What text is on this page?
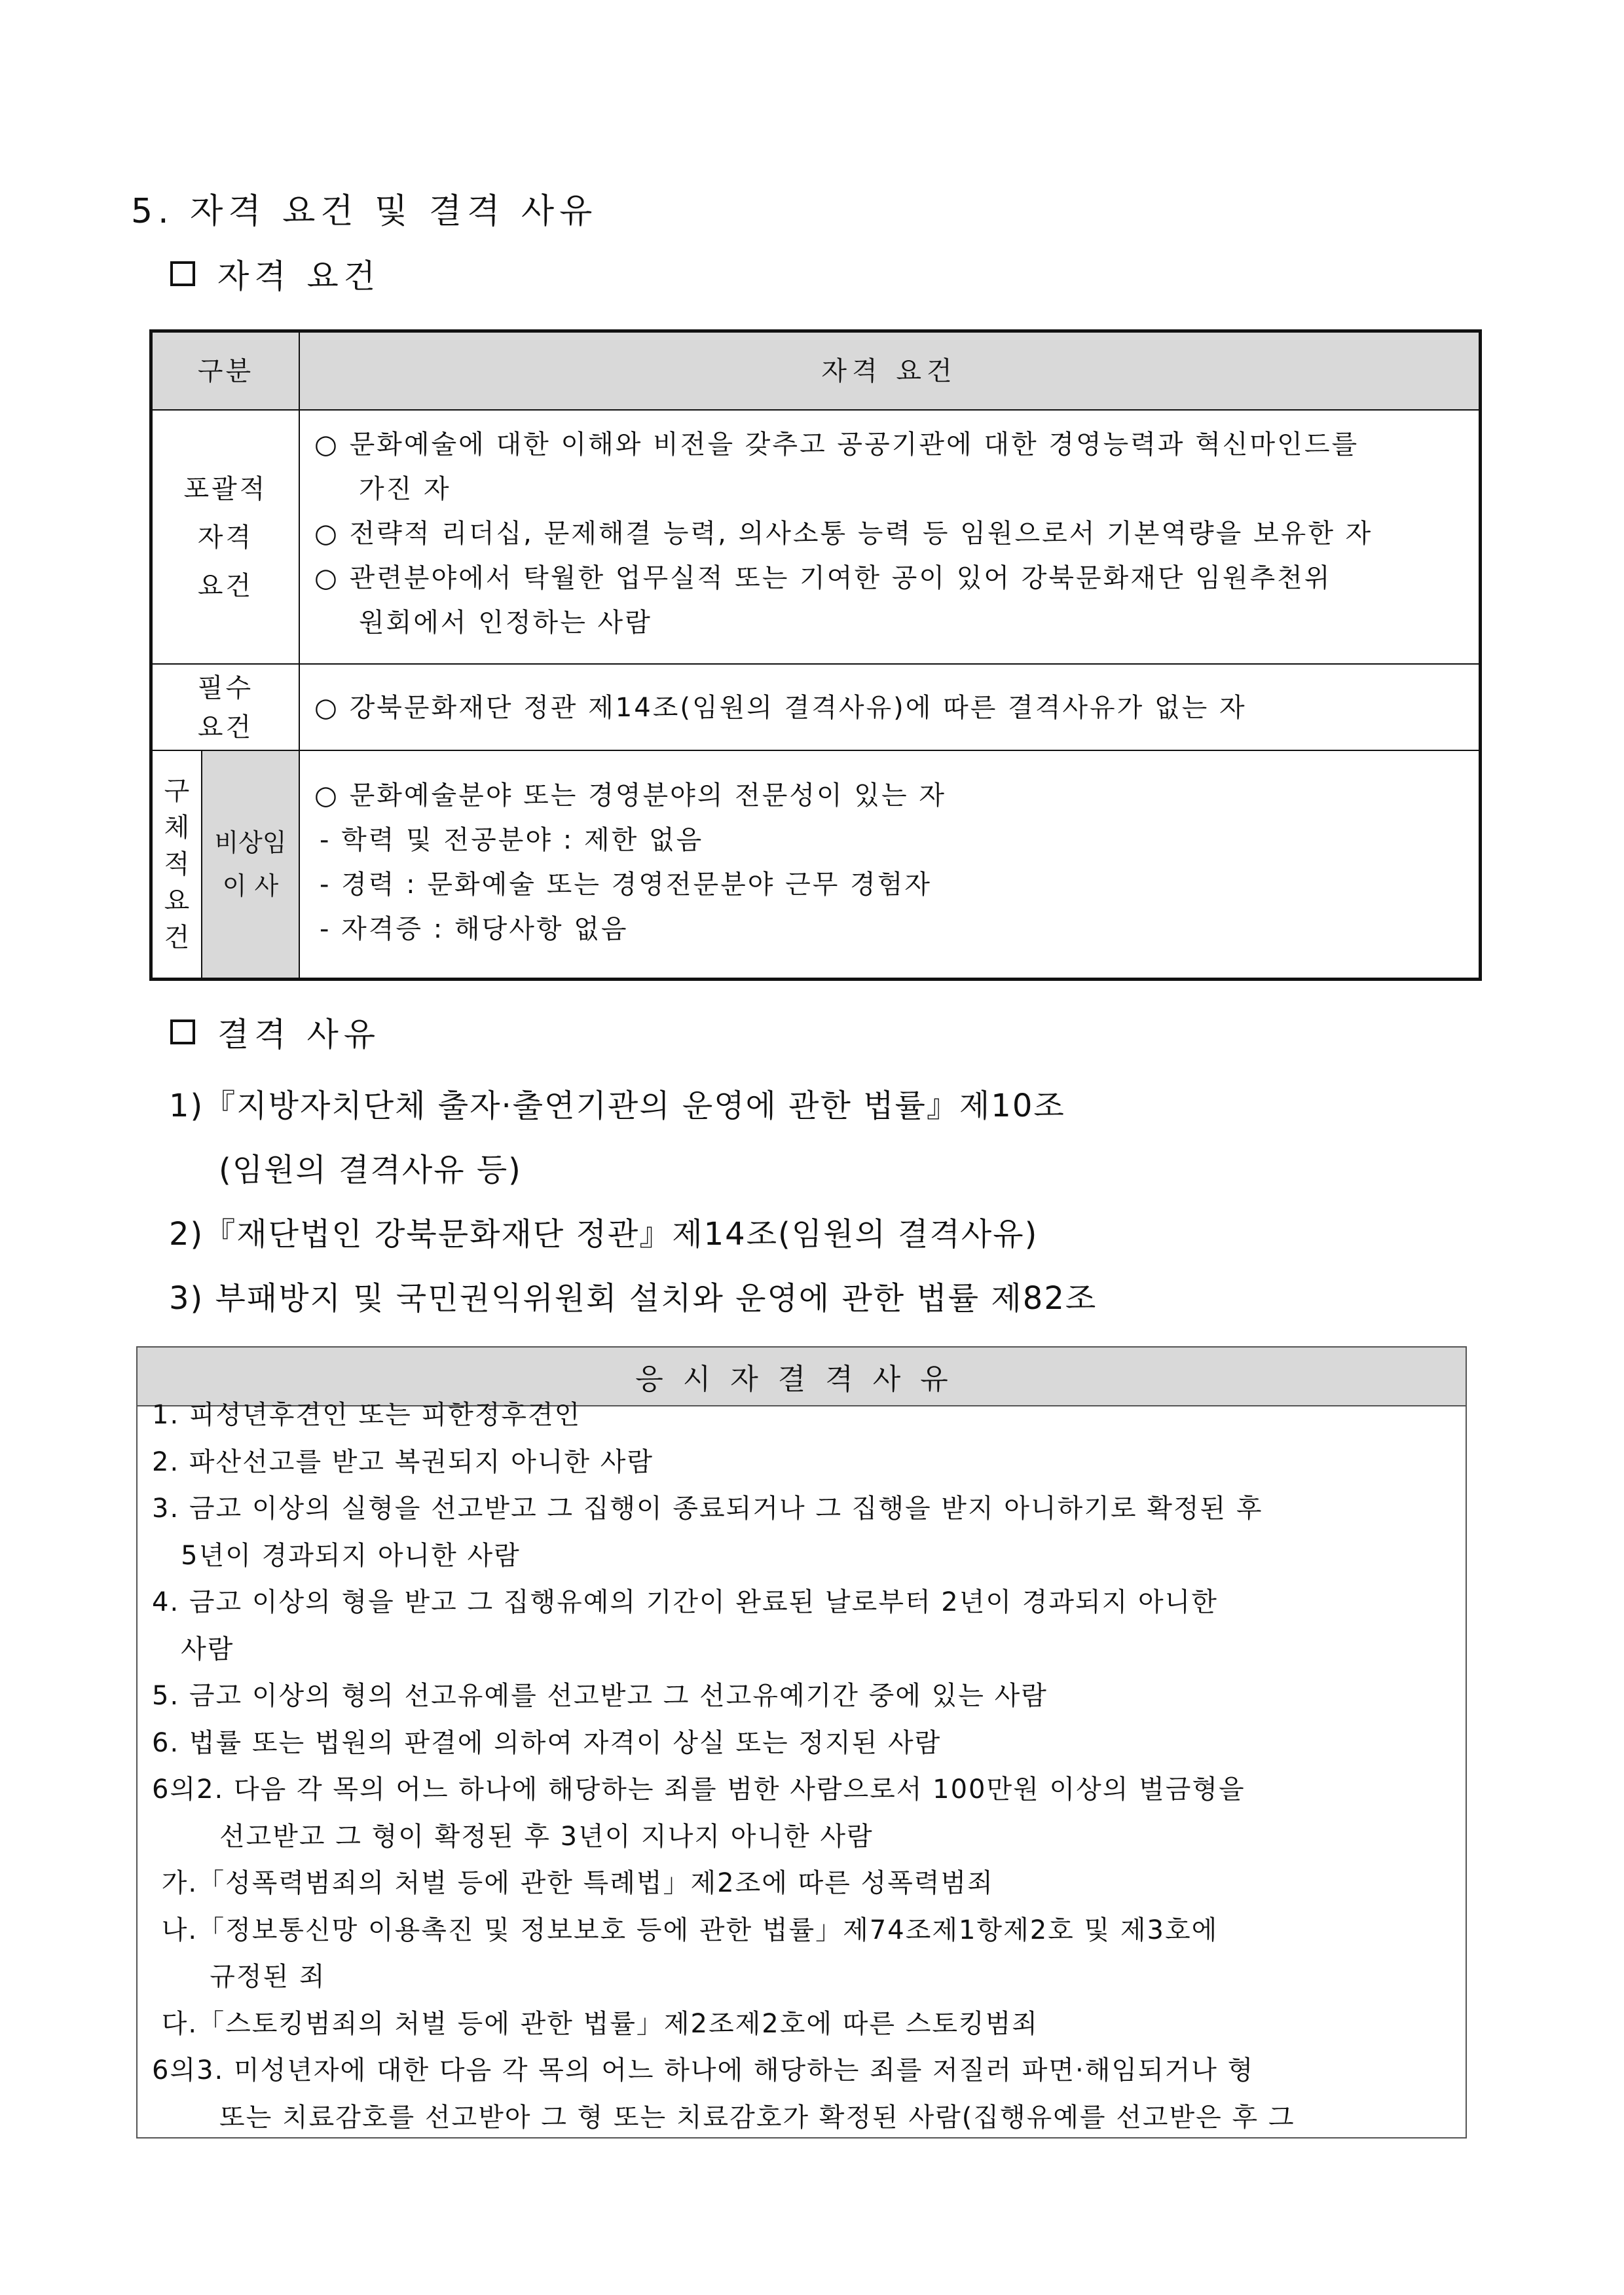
5. 자격 요건 및 결격 사유
자격 요건
구분	자격 요건
포괄적
자격
요건
○ 문화예술에 대한 이해와 비전을 갖추고 공공기관에 대한 경영능력과 혁신마인드를
가진 자
○ 전략적 리더십, 문제해결 능력, 의사소통 능력 등 임원으로서 기본역량을 보유한 자
○ 관련분야에서 탁월한 업무실적 또는 기여한 공이 있어 강북문화재단 임원추천위
원회에서 인정하는 사람
필수
요건
○ 강북문화재단 정관 제14조(임원의 결격사유)에 따른 결격사유가 없는 자
구
체
적
요
건
비상임
이 사
○ 문화예술분야 또는 경영분야의 전문성이 있는 자
- 학력 및 전공분야 : 제한 없음
- 경력 : 문화예술 또는 경영전문분야 근무 경험자
- 자격증 : 해당사항 없음
결격 사유
1)『지방자치단체 출자·출연기관의 운영에 관한 법률』제10조
(임원의 결격사유 등)
2)『재단법인 강북문화재단 정관』제14조(임원의 결격사유)
3) 부패방지 및 국민권익위원회 설치와 운영에 관한 법률 제82조
응시자결격사유
1. 피성년후견인 또는 피한정후견인
2. 파산선고를 받고 복권되지 아니한 사람
3. 금고 이상의 실형을 선고받고 그 집행이 종료되거나 그 집행을 받지 아니하기로 확정된 후
5년이 경과되지 아니한 사람
4. 금고 이상의 형을 받고 그 집행유예의 기간이 완료된 날로부터 2년이 경과되지 아니한
사람
5. 금고 이상의 형의 선고유예를 선고받고 그 선고유예기간 중에 있는 사람
6. 법률 또는 법원의 판결에 의하여 자격이 상실 또는 정지된 사람
6의2. 다음 각 목의 어느 하나에 해당하는 죄를 범한 사람으로서 100만원 이상의 벌금형을
선고받고 그 형이 확정된 후 3년이 지나지 아니한 사람
가.「성폭력범죄의 처벌 등에 관한 특례법」제2조에 따른 성폭력범죄
나.「정보통신망 이용촉진 및 정보보호 등에 관한 법률」제74조제1항제2호 및 제3호에
규정된 죄
다.「스토킹범죄의 처벌 등에 관한 법률」제2조제2호에 따른 스토킹범죄
6의3. 미성년자에 대한 다음 각 목의 어느 하나에 해당하는 죄를 저질러 파면·해임되거나 형
또는 치료감호를 선고받아 그 형 또는 치료감호가 확정된 사람(집행유예를 선고받은 후 그
